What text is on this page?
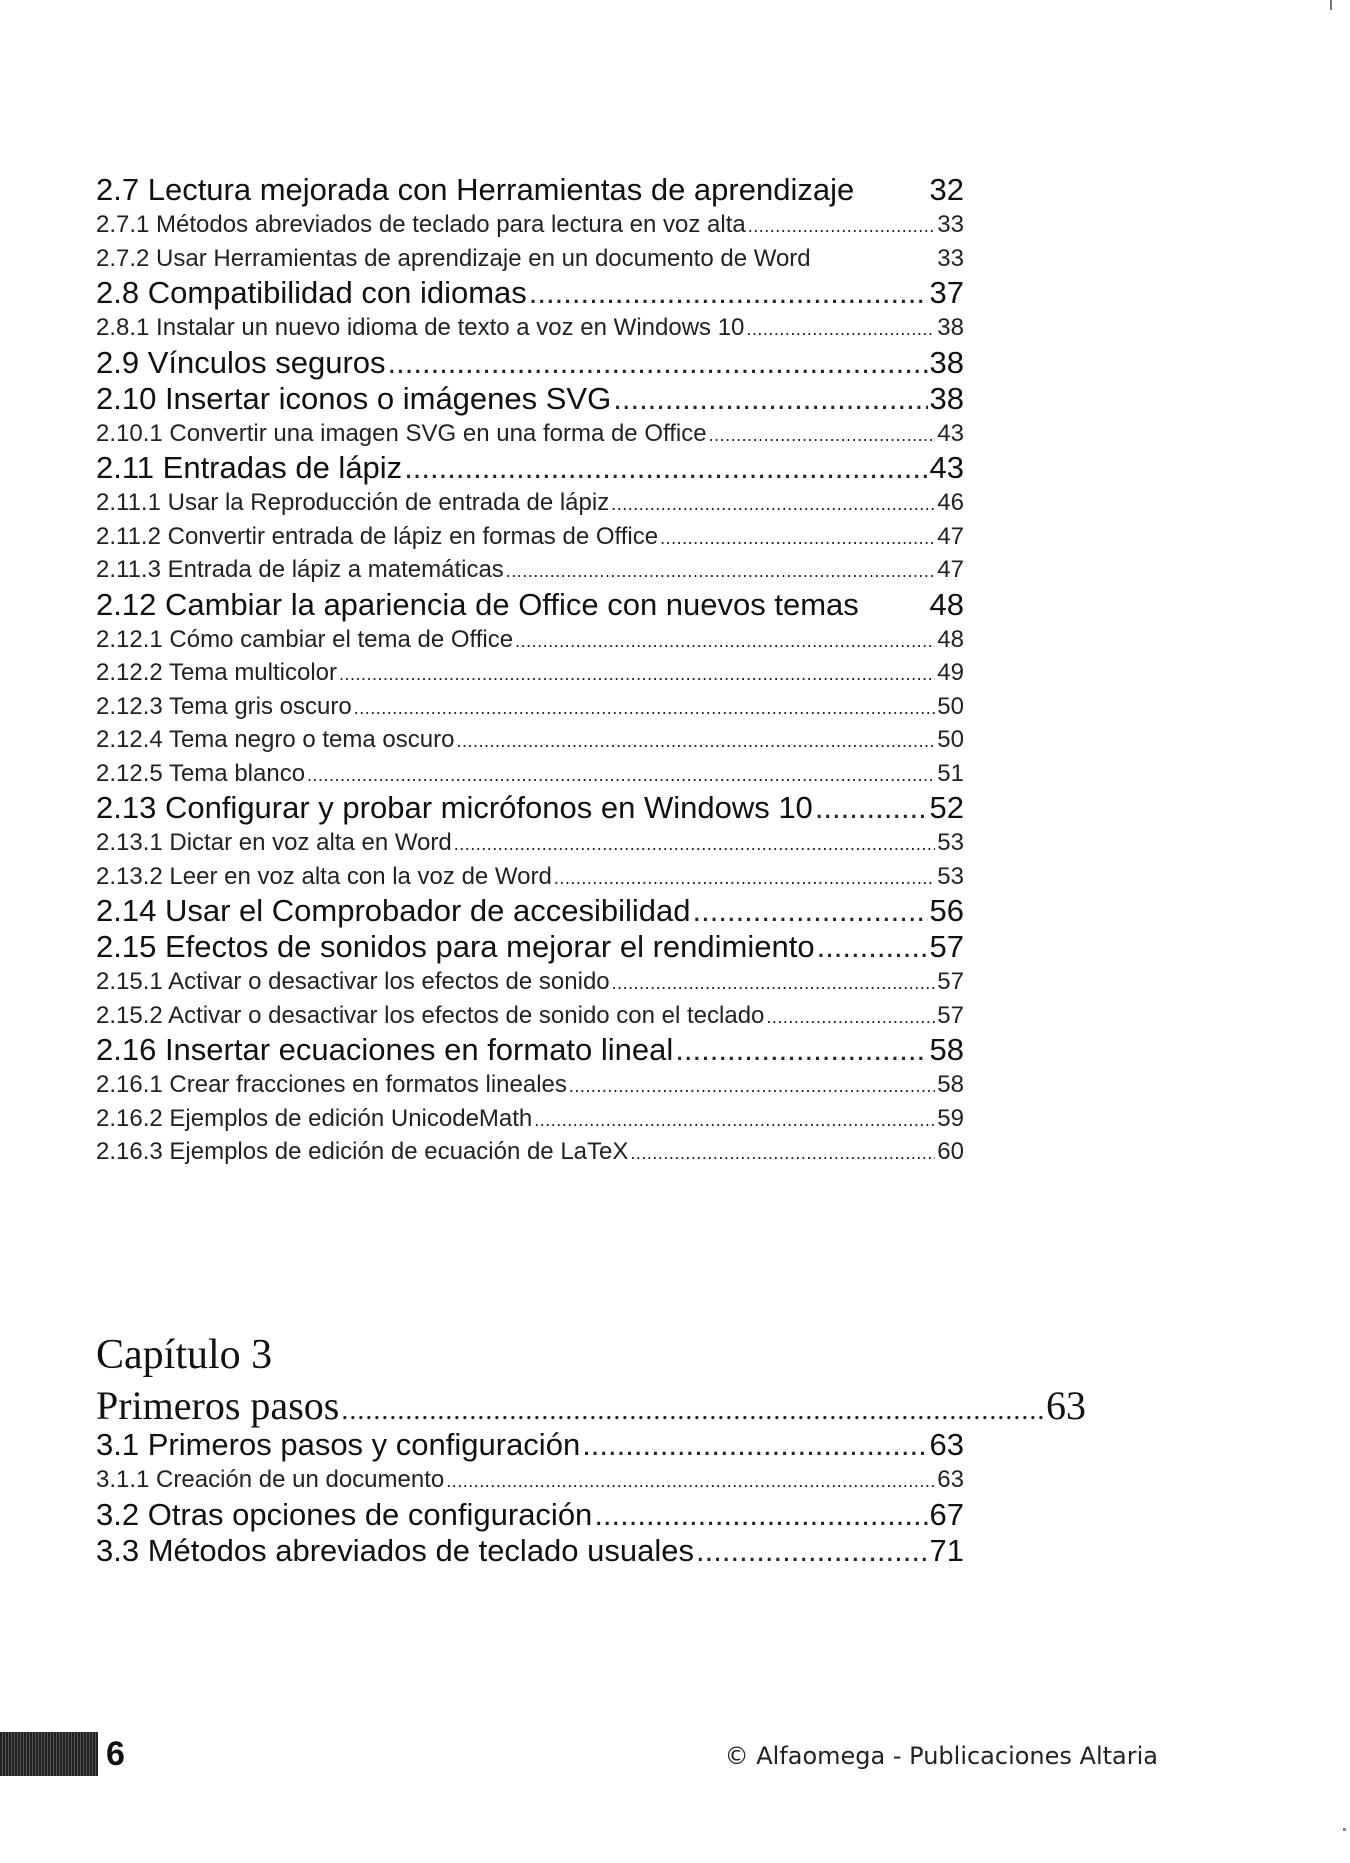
2.7 Lectura mejorada con Herramientas de aprendizaje 32
2.7.1 Métodos abreviados de teclado para lectura en voz alta .....	33
2.7.2 Usar Herramientas de aprendizaje en un documento de Word	33
2.8 Compatibilidad con idiomas .....	37
2.8.1 Instalar un nuevo idioma de texto a voz en Windows 10 .....	38
2.9 Vínculos seguros .....	38
2.10 Insertar iconos o imágenes SVG .....	38
2.10.1 Convertir una imagen SVG en una forma de Office .....	43
2.11 Entradas de lápiz .....	43
2.11.1 Usar la Reproducción de entrada de lápiz .....	46
2.11.2 Convertir entrada de lápiz en formas de Office .....	47
2.11.3 Entrada de lápiz a matemáticas .....	47
2.12 Cambiar la apariencia de Office con nuevos temas 48
2.12.1 Cómo cambiar el tema de Office .....	48
2.12.2 Tema multicolor .....	49
2.12.3 Tema gris oscuro .....	50
2.12.4 Tema negro o tema oscuro .....	50
2.12.5 Tema blanco .....	51
2.13 Configurar y probar micrófonos en Windows 10 .....	52
2.13.1 Dictar en voz alta en Word .....	53
2.13.2 Leer en voz alta con la voz de Word .....	53
2.14 Usar el Comprobador de accesibilidad .....	56
2.15 Efectos de sonidos para mejorar el rendimiento .....	57
2.15.1 Activar o desactivar los efectos de sonido .....	57
2.15.2 Activar o desactivar los efectos de sonido con el teclado .....	57
2.16 Insertar ecuaciones en formato lineal .....	58
2.16.1 Crear fracciones en formatos lineales .....	58
2.16.2 Ejemplos de edición UnicodeMath .....	59
2.16.3 Ejemplos de edición de ecuación de LaTeX .....	60
Capítulo 3
Primeros pasos .....	63
3.1 Primeros pasos y configuración .....	63
3.1.1 Creación de un documento .....	63
3.2 Otras opciones de configuración .....	67
3.3 Métodos abreviados de teclado usuales .....	71
6	© Alfaomega - Publicaciones Altaria
